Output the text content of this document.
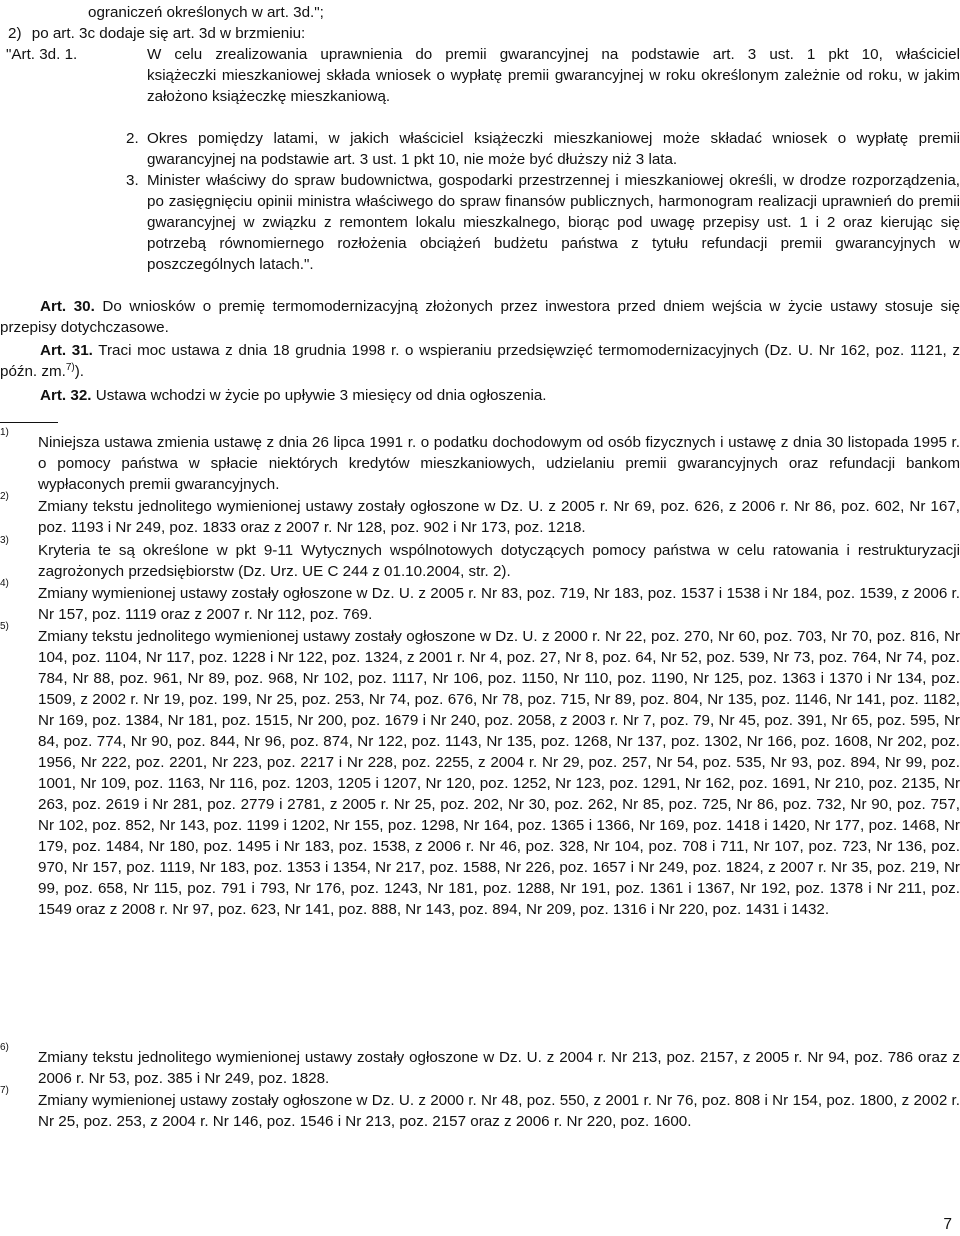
ograniczeń określonych w art. 3d.";

2) po art. 3c dodaje się art. 3d w brzmieniu:
"Art. 3d. 1.	W celu zrealizowania uprawnienia do premii gwarancyjnej na podstawie art. 3 ust. 1 pkt 10, właściciel

książeczki mieszkaniowej składa wniosek o wypłatę premii gwarancyjnej w roku określonym zależnie od roku, w jakim założono książeczkę mieszkaniową.

2. Okres pomiędzy latami, w jakich właściciel książeczki mieszkaniowej może składać wniosek o wypłatę premii gwarancyjnej na podstawie art. 3 ust. 1 pkt 10, nie może być dłuższy niż 3 lata.

3. Minister właściwy do spraw budownictwa, gospodarki przestrzennej i mieszkaniowej określi, w drodze rozporządzenia, po zasięgnięciu opinii ministra właściwego do spraw finansów publicznych, harmonogram realizacji uprawnień do premii gwarancyjnej w związku z remontem lokalu mieszkalnego, biorąc pod uwagę przepisy ust. 1 i 2 oraz kierując się potrzebą równomiernego rozłożenia obciążeń budżetu państwa z tytułu refundacji premii gwarancyjnych w poszczególnych latach.".

Art. 30. Do wniosków o premię termomodernizacyjną złożonych przez inwestora przed dniem wejścia w życie ustawy stosuje się przepisy dotychczasowe.

Art. 31. Traci moc ustawa z dnia 18 grudnia 1998 r. o wspieraniu przedsięwzięć termomodernizacyjnych (Dz. U. Nr 162, poz. 1121, z późn. zm.$^{7)}$).

Art. 32. Ustawa wchodzi w życie po upływie 3 miesięcy od dnia ogłoszenia.

1)

Niniejsza ustawa zmienia ustawę z dnia 26 lipca 1991 r. o podatku dochodowym od osób fizycznych i ustawę z dnia 30 listopada 1995 r. o pomocy państwa w spłacie niektórych kredytów mieszkaniowych, udzielaniu premii gwarancyjnych oraz refundacji bankom wypłaconych premii gwarancyjnych.

2)

Zmiany tekstu jednolitego wymienionej ustawy zostały ogłoszone w Dz. U. z 2005 r. Nr 69, poz. 626, z 2006 r. Nr 86, poz. 602, Nr 167, poz. 1193 i Nr 249, poz. 1833 oraz z 2007 r. Nr 128, poz. 902 i Nr 173, poz. 1218.

3)

Kryteria te są określone w pkt 9-11 Wytycznych wspólnotowych dotyczących pomocy państwa w celu ratowania i restrukturyzacji zagrożonych przedsiębiorstw (Dz. Urz. UE C 244 z 01.10.2004, str. 2).

4)

Zmiany wymienionej ustawy zostały ogłoszone w Dz. U. z 2005 r. Nr 83, poz. 719, Nr 183, poz. 1537 i 1538 i Nr 184, poz. 1539, z 2006 r. Nr 157, poz. 1119 oraz z 2007 r. Nr 112, poz. 769.

5)

Zmiany tekstu jednolitego wymienionej ustawy zostały ogłoszone w Dz. U. z 2000 r. Nr 22, poz. 270, Nr 60, poz. 703, Nr 70, poz. 816, Nr 104, poz. 1104, Nr 117, poz. 1228 i Nr 122, poz. 1324, z 2001 r. Nr 4, poz. 27, Nr 8, poz. 64, Nr 52, poz. 539, Nr 73, poz. 764, Nr 74, poz. 784, Nr 88, poz. 961, Nr 89, poz. 968, Nr 102, poz. 1117, Nr 106, poz. 1150, Nr 110, poz. 1190, Nr 125, poz. 1363 i 1370 i Nr 134, poz. 1509, z 2002 r. Nr 19, poz. 199, Nr 25, poz. 253, Nr 74, poz. 676, Nr 78, poz. 715, Nr 89, poz. 804, Nr 135, poz. 1146, Nr 141, poz. 1182, Nr 169, poz. 1384, Nr 181, poz. 1515, Nr 200, poz. 1679 i Nr 240, poz. 2058, z 2003 r. Nr 7, poz. 79, Nr 45, poz. 391, Nr 65, poz. 595, Nr 84, poz. 774, Nr 90, poz. 844, Nr 96, poz. 874, Nr 122, poz. 1143, Nr 135, poz. 1268, Nr 137, poz. 1302, Nr 166, poz. 1608, Nr 202, poz. 1956, Nr 222, poz. 2201, Nr 223, poz. 2217 i Nr 228, poz. 2255, z 2004 r. Nr 29, poz. 257, Nr 54, poz. 535, Nr 93, poz. 894, Nr 99, poz. 1001, Nr 109, poz. 1163, Nr 116, poz. 1203, 1205 i 1207, Nr 120, poz. 1252, Nr 123, poz. 1291, Nr 162, poz. 1691, Nr 210, poz. 2135, Nr 263, poz. 2619 i Nr 281, poz. 2779 i 2781, z 2005 r. Nr 25, poz. 202, Nr 30, poz. 262, Nr 85, poz. 725, Nr 86, poz. 732, Nr 90, poz. 757, Nr 102, poz. 852, Nr 143, poz. 1199 i 1202, Nr 155, poz. 1298, Nr 164, poz. 1365 i 1366, Nr 169, poz. 1418 i 1420, Nr 177, poz. 1468, Nr 179, poz. 1484, Nr 180, poz. 1495 i Nr 183, poz. 1538, z 2006 r. Nr 46, poz. 328, Nr 104, poz. 708 i 711, Nr 107, poz. 723, Nr 136, poz. 970, Nr 157, poz. 1119, Nr 183, poz. 1353 i 1354, Nr 217, poz. 1588, Nr 226, poz. 1657 i Nr 249, poz. 1824, z 2007 r. Nr 35, poz. 219, Nr 99, poz. 658, Nr 115, poz. 791 i 793, Nr 176, poz. 1243, Nr 181, poz. 1288, Nr 191, poz. 1361 i 1367, Nr 192, poz. 1378 i Nr 211, poz. 1549 oraz z 2008 r. Nr 97, poz. 623, Nr 141, poz. 888, Nr 143, poz. 894, Nr 209, poz. 1316 i Nr 220, poz. 1431 i 1432.

6)

Zmiany tekstu jednolitego wymienionej ustawy zostały ogłoszone w Dz. U. z 2004 r. Nr 213, poz. 2157, z 2005 r. Nr 94, poz. 786 oraz z 2006 r. Nr 53, poz. 385 i Nr 249, poz. 1828.

7)

Zmiany wymienionej ustawy zostały ogłoszone w Dz. U. z 2000 r. Nr 48, poz. 550, z 2001 r. Nr 76, poz. 808 i Nr 154, poz. 1800, z 2002 r. Nr 25, poz. 253, z 2004 r. Nr 146, poz. 1546 i Nr 213, poz. 2157 oraz z 2006 r. Nr 220, poz. 1600.

7
